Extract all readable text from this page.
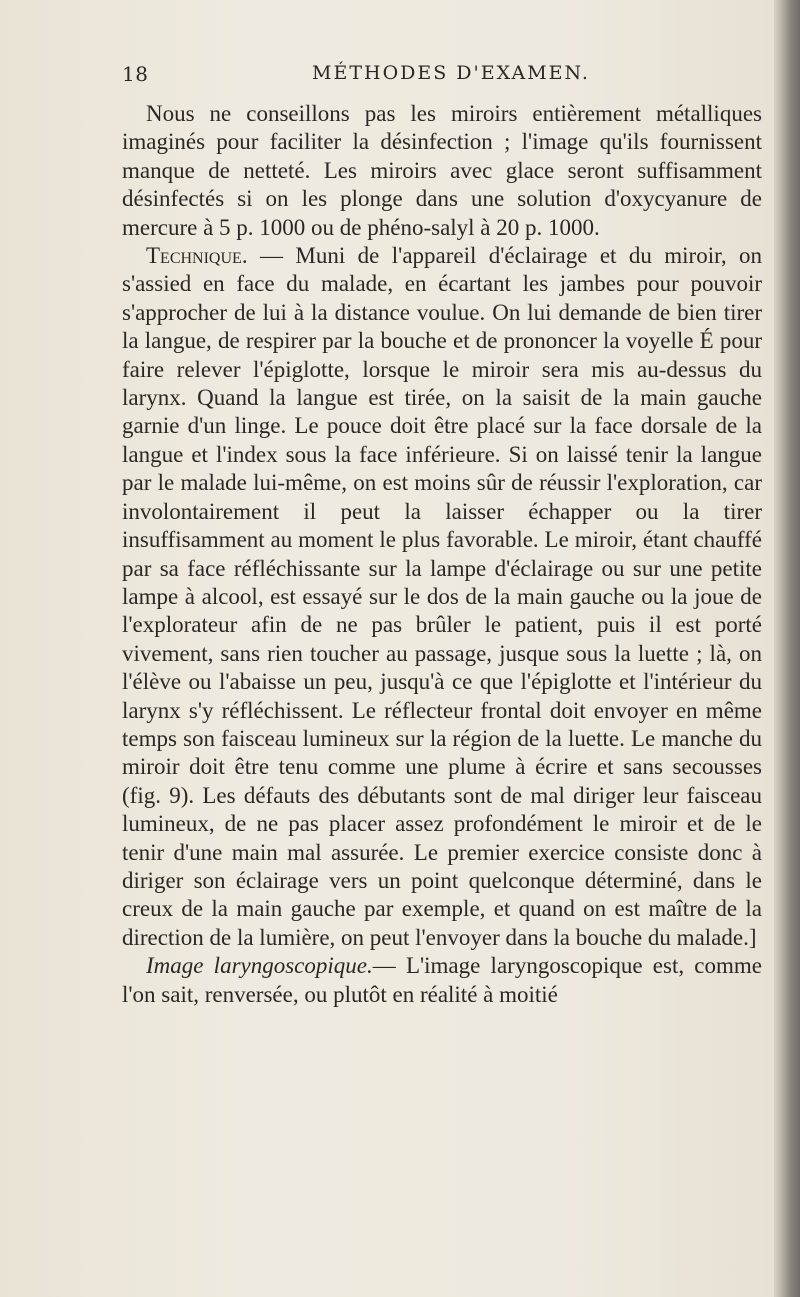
18	MÉTHODES D'EXAMEN.

Nous ne conseillons pas les miroirs entièrement métalliques imaginés pour faciliter la désinfection ; l'image qu'ils fournissent manque de netteté. Les miroirs avec glace seront suffisamment désinfectés si on les plonge dans une solution d'oxycyanure de mercure à 5 p. 1000 ou de phéno-salyl à 20 p. 1000.

Technique. — Muni de l'appareil d'éclairage et du miroir, on s'assied en face du malade, en écartant les jambes pour pouvoir s'approcher de lui à la distance voulue. On lui demande de bien tirer la langue, de respirer par la bouche et de prononcer la voyelle É pour faire relever l'épiglotte, lorsque le miroir sera mis au-dessus du larynx. Quand la langue est tirée, on la saisit de la main gauche garnie d'un linge. Le pouce doit être placé sur la face dorsale de la langue et l'index sous la face inférieure. Si on laissé tenir la langue par le malade lui-même, on est moins sûr de réussir l'exploration, car involontairement il peut la laisser échapper ou la tirer insuffisamment au moment le plus favorable. Le miroir, étant chauffé par sa face réfléchissante sur la lampe d'éclairage ou sur une petite lampe à alcool, est essayé sur le dos de la main gauche ou la joue de l'explorateur afin de ne pas brûler le patient, puis il est porté vivement, sans rien toucher au passage, jusque sous la luette ; là, on l'élève ou l'abaisse un peu, jusqu'à ce que l'épiglotte et l'intérieur du larynx s'y réfléchissent. Le réflecteur frontal doit envoyer en même temps son faisceau lumineux sur la région de la luette. Le manche du miroir doit être tenu comme une plume à écrire et sans secousses (fig. 9). Les défauts des débutants sont de mal diriger leur faisceau lumineux, de ne pas placer assez profondément le miroir et de le tenir d'une main mal assurée. Le premier exercice consiste donc à diriger son éclairage vers un point quelconque déterminé, dans le creux de la main gauche par exemple, et quand on est maître de la direction de la lumière, on peut l'envoyer dans la bouche du malade.]

Image laryngoscopique.— L'image laryngoscopique est, comme l'on sait, renversée, ou plutôt en réalité à moitié
